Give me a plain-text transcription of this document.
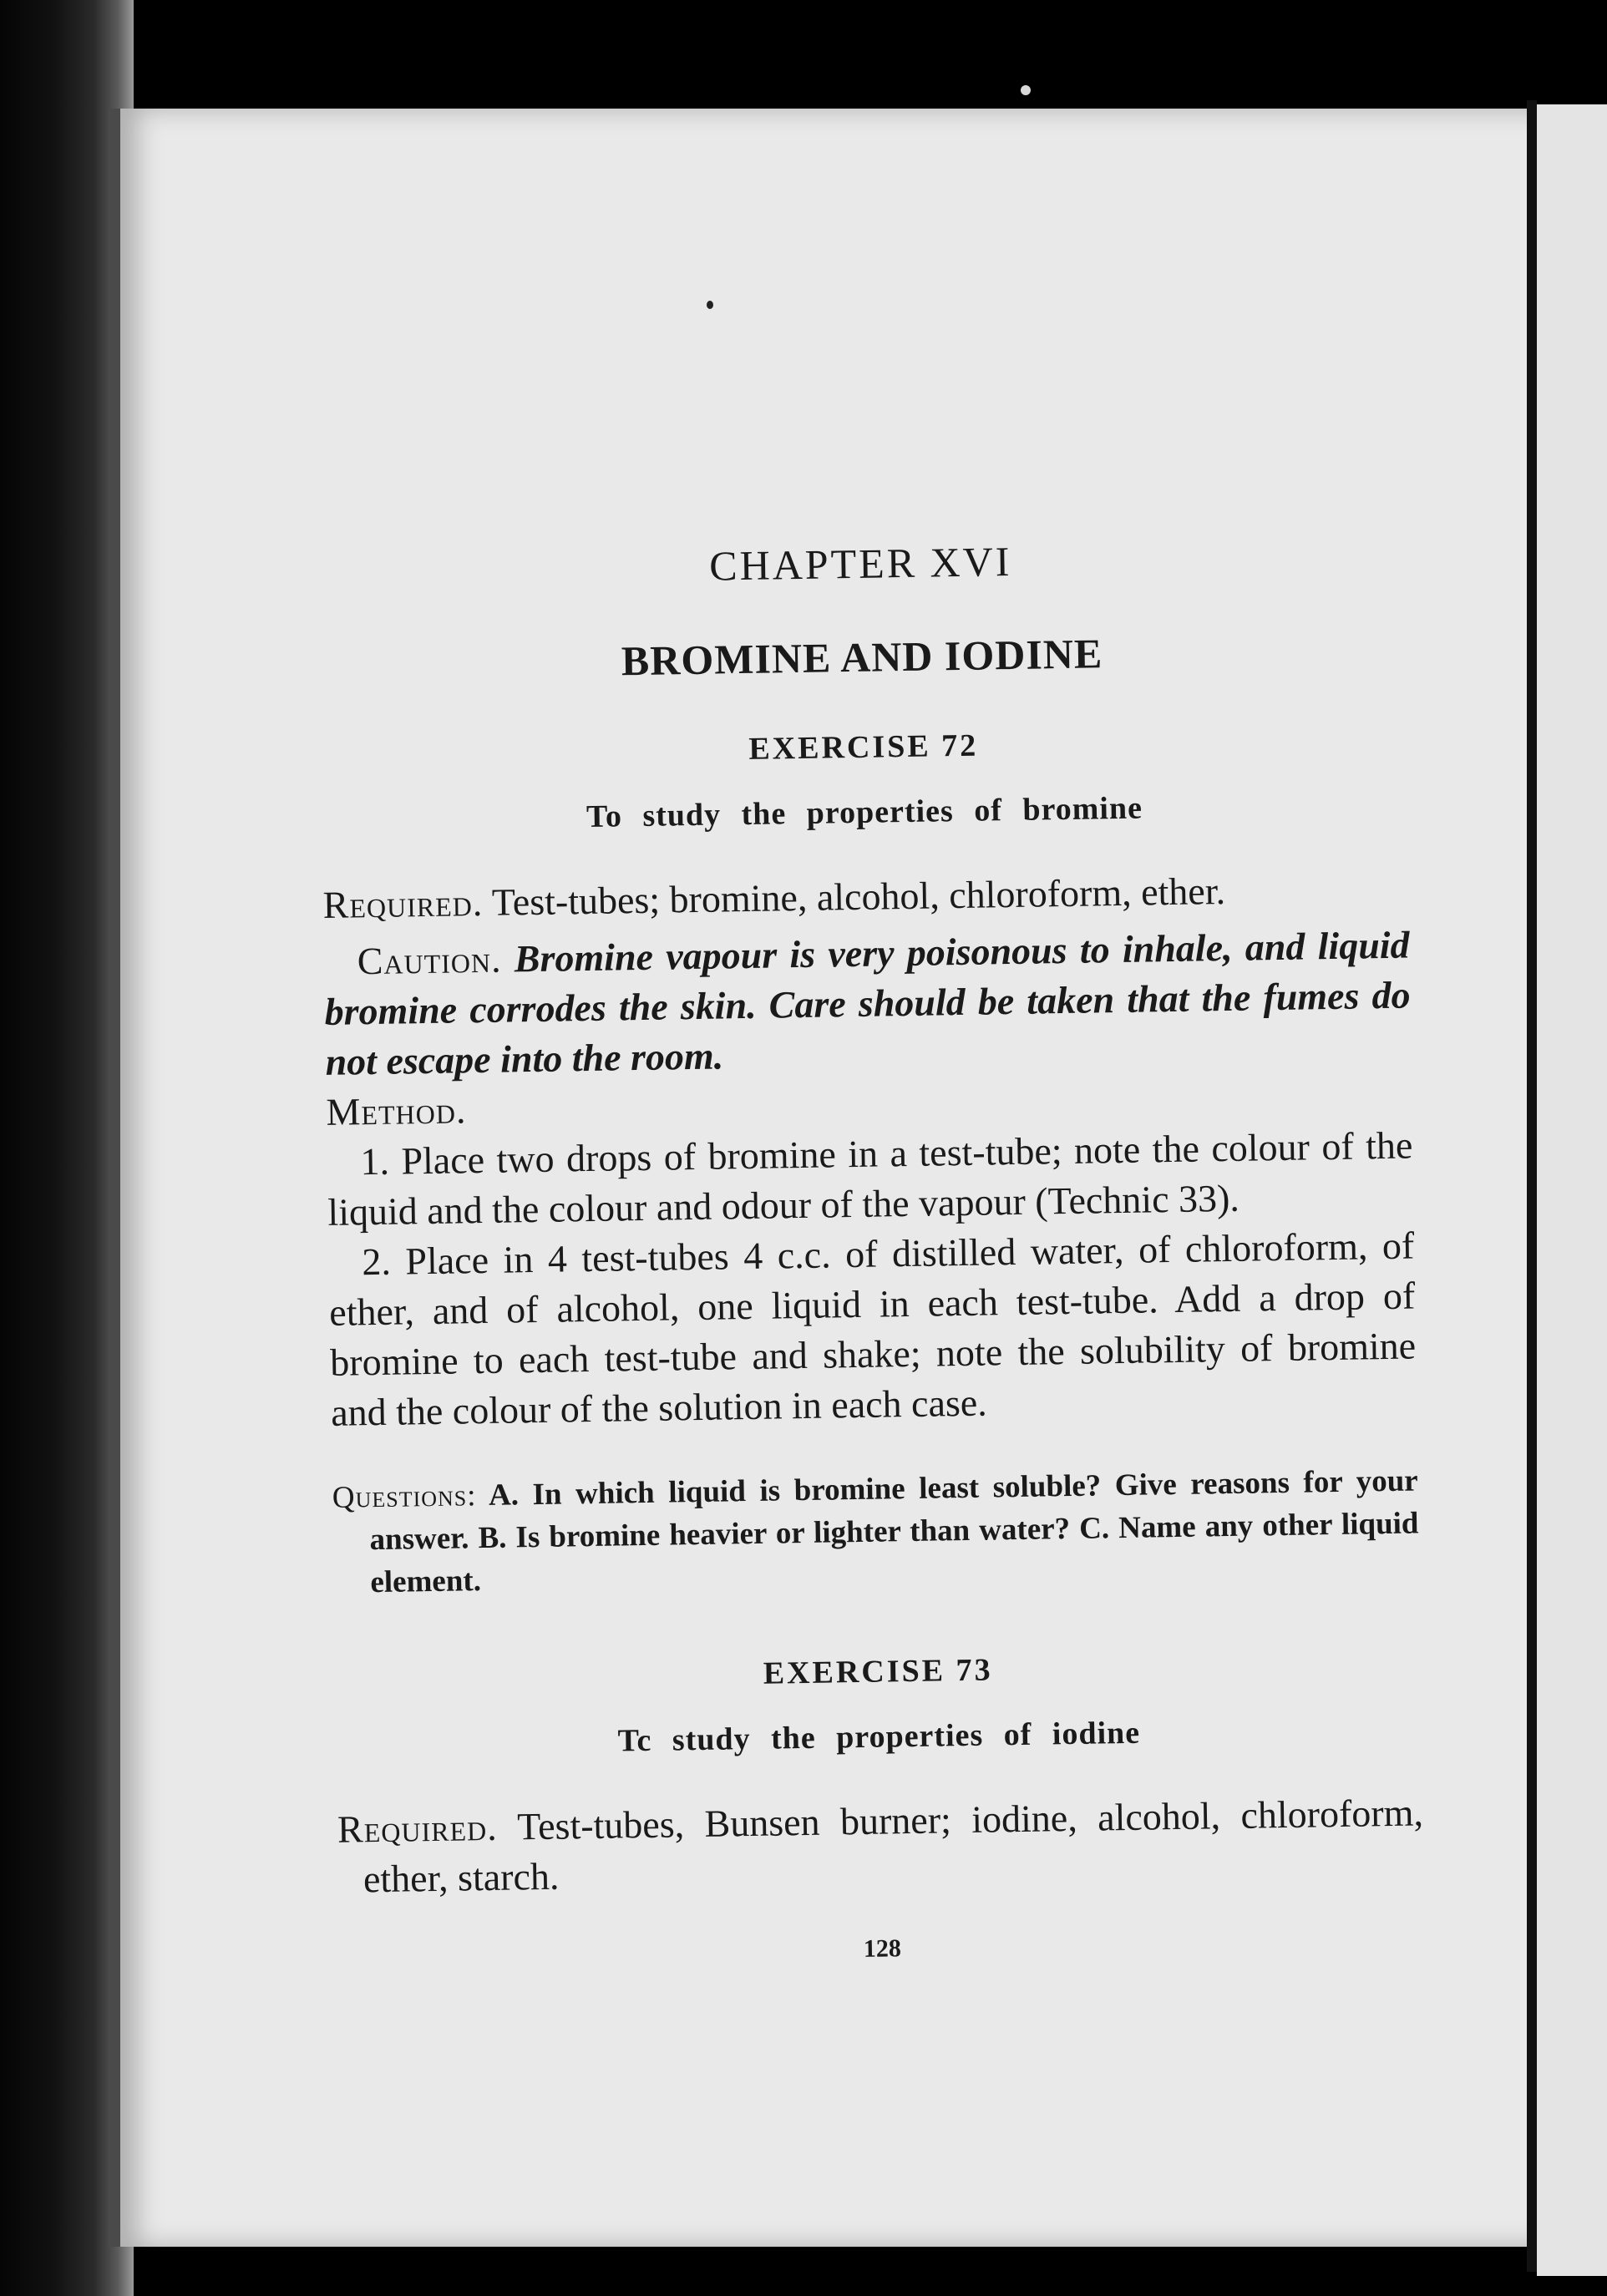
CHAPTER XVI

BROMINE AND IODINE

EXERCISE 72

To study the properties of bromine

Required. Test-tubes; bromine, alcohol, chloroform, ether.

Caution. Bromine vapour is very poisonous to inhale, and liquid bromine corrodes the skin. Care should be taken that the fumes do not escape into the room.

Method.

1. Place two drops of bromine in a test-tube; note the colour of the liquid and the colour and odour of the vapour (Technic 33).

2. Place in 4 test-tubes 4 c.c. of distilled water, of chloroform, of ether, and of alcohol, one liquid in each test-tube. Add a drop of bromine to each test-tube and shake; note the solubility of bromine and the colour of the solution in each case.

Questions: A. In which liquid is bromine least soluble? Give reasons for your answer. B. Is bromine heavier or lighter than water? C. Name any other liquid element.

EXERCISE 73

Tc study the properties of iodine

Required. Test-tubes, Bunsen burner; iodine, alcohol, chloroform, ether, starch.

128
